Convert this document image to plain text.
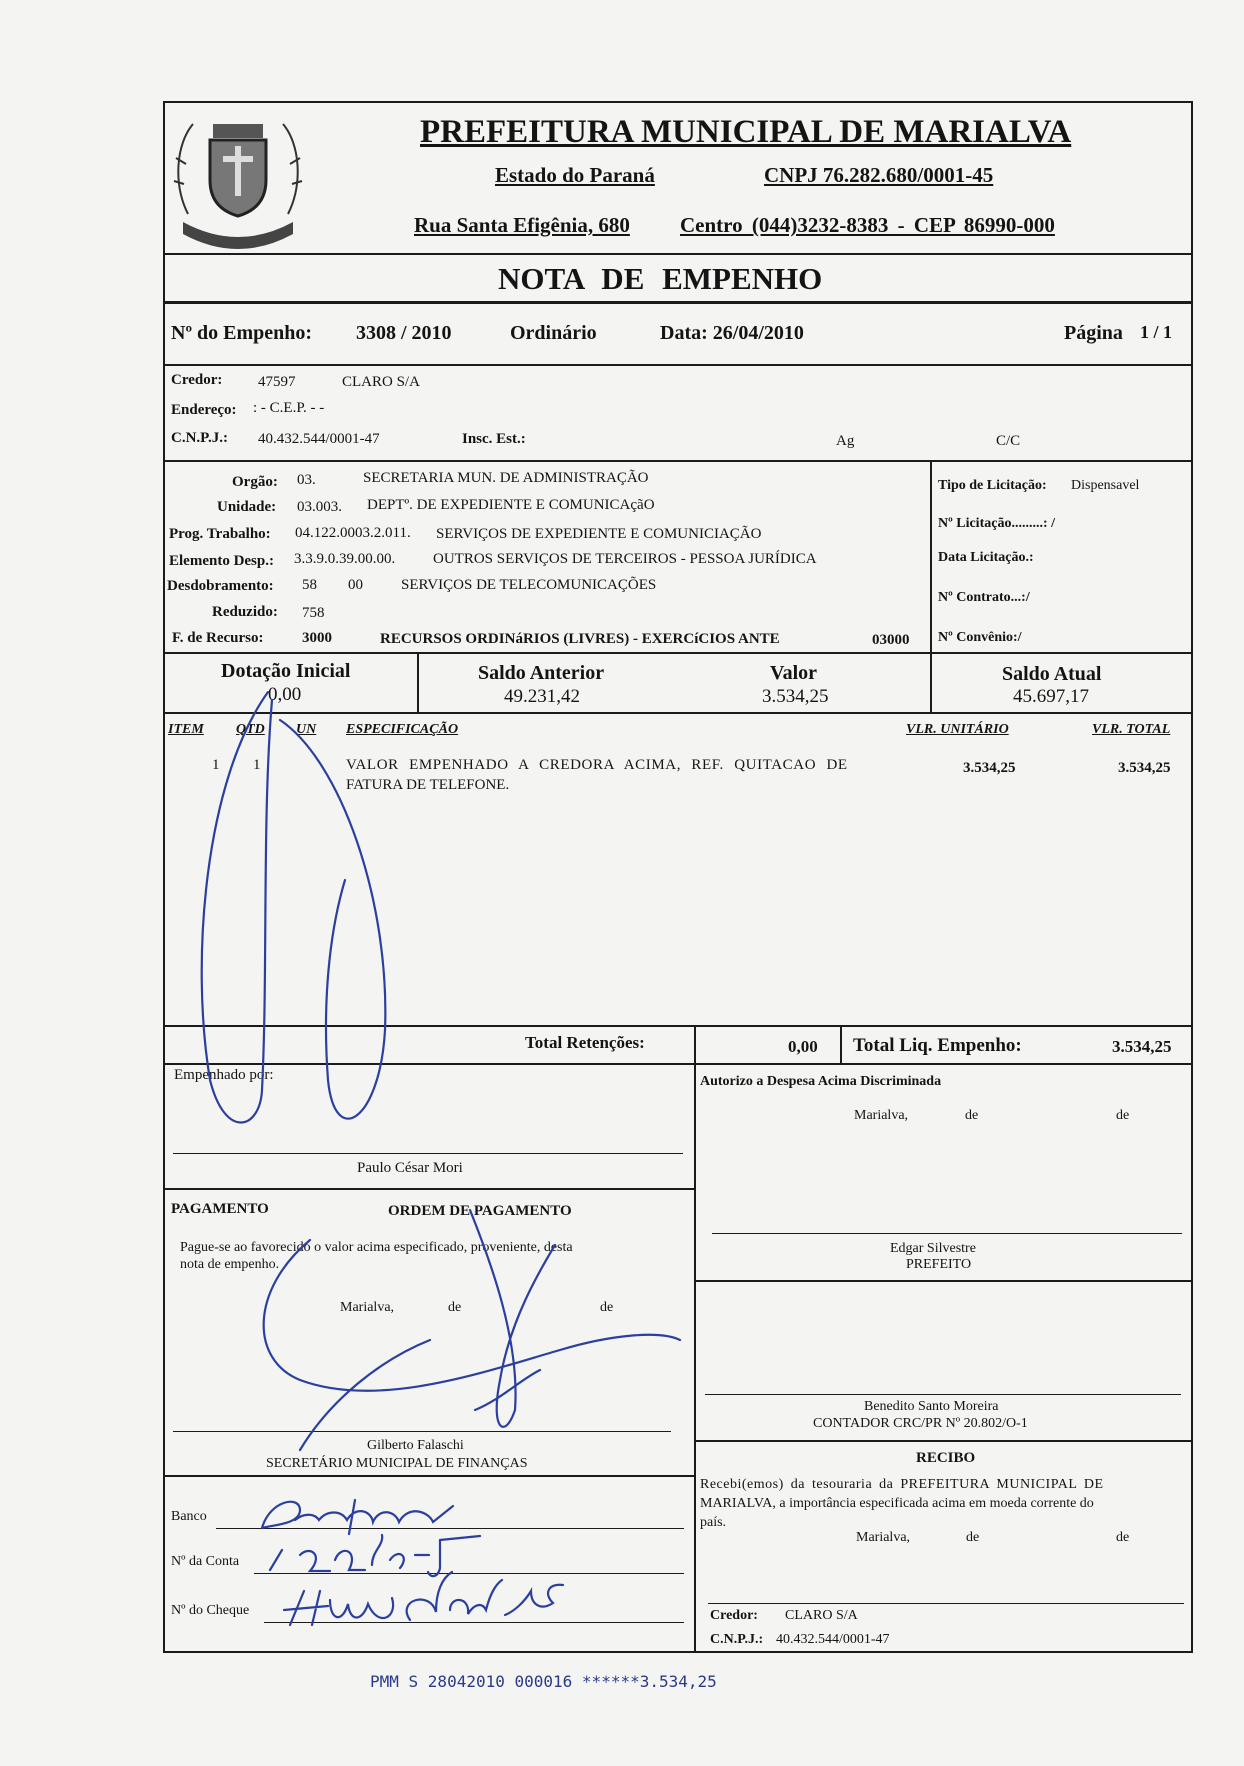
PREFEITURA MUNICIPAL DE MARIALVA
Estado do Paraná	CNPJ 76.282.680/0001-45
Rua Santa Efigênia, 680 Centro (044)3232-8383 - CEP 86990-000
NOTA DE EMPENHO
Nº do Empenho: 3308 / 2010	Ordinário	Data: 26/04/2010	Página 1 / 1
Credor: 47597	CLARO S/A
Endereço: : - C.E.P. - -
C.N.P.J.: 40.432.544/0001-47	Insc. Est.:	Ag	C/C
Orgão: 03.	SECRETARIA MUN. DE ADMINISTRAÇÃO
Unidade: 03.003. DEPTº. DE EXPEDIENTE E COMUNICAçãO
Prog. Trabalho: 04.122.0003.2.011. SERVIÇOS DE EXPEDIENTE E COMUNICIAÇÃO
Elemento Desp.: 3.3.9.0.39.00.00.	OUTROS SERVIÇOS DE TERCEIROS - PESSOA JURÍDICA
Desdobramento: 58 00	SERVIÇOS DE TELECOMUNICAÇÕES
Reduzido: 758
F. de Recurso:	3000	RECURSOS ORDINáRIOS (LIVRES) - EXERCíCIOS ANTE	03000
Tipo de Licitação: Dispensavel
Nº Licitação.........: /
Data Licitação.:
Nº Contrato...:/
Nº Convênio:/
Dotação Inicial
0,00
Saldo Anterior
49.231,42
Valor
3.534,25
Saldo Atual
45.697,17
ITEM QTD UN ESPECIFICAÇÃO	VLR. UNITÁRIO	VLR. TOTAL
1 1	VALOR EMPENHADO A CREDORA ACIMA, REF. QUITACAO DE
FATURA DE TELEFONE.
3.534,25	3.534,25
Total Retenções:	0,00 Total Liq. Empenho:	3.534,25
Empenhado por:
Paulo César Mori
Autorizo a Despesa Acima Discriminada
Marialva,	de	de
Edgar Silvestre
PREFEITO
PAGAMENTO	ORDEM DE PAGAMENTO
Pague-se ao favorecido o valor acima especificado, proveniente, desta
nota de empenho.
Marialva,	de	de
Gilberto Falaschi
SECRETÁRIO MUNICIPAL DE FINANÇAS
Benedito Santo Moreira
CONTADOR CRC/PR Nº 20.802/O-1
RECIBO
Recebi(emos) da tesouraria da PREFEITURA MUNICIPAL DE
MARIALVA, a importância especificada acima em moeda corrente do
país.
Marialva,	de	de
Credor: CLARO S/A
C.N.P.J.: 40.432.544/0001-47
Banco
Nº da Conta
Nº do Cheque
PMM S 28042010 000016 ******3.534,25
